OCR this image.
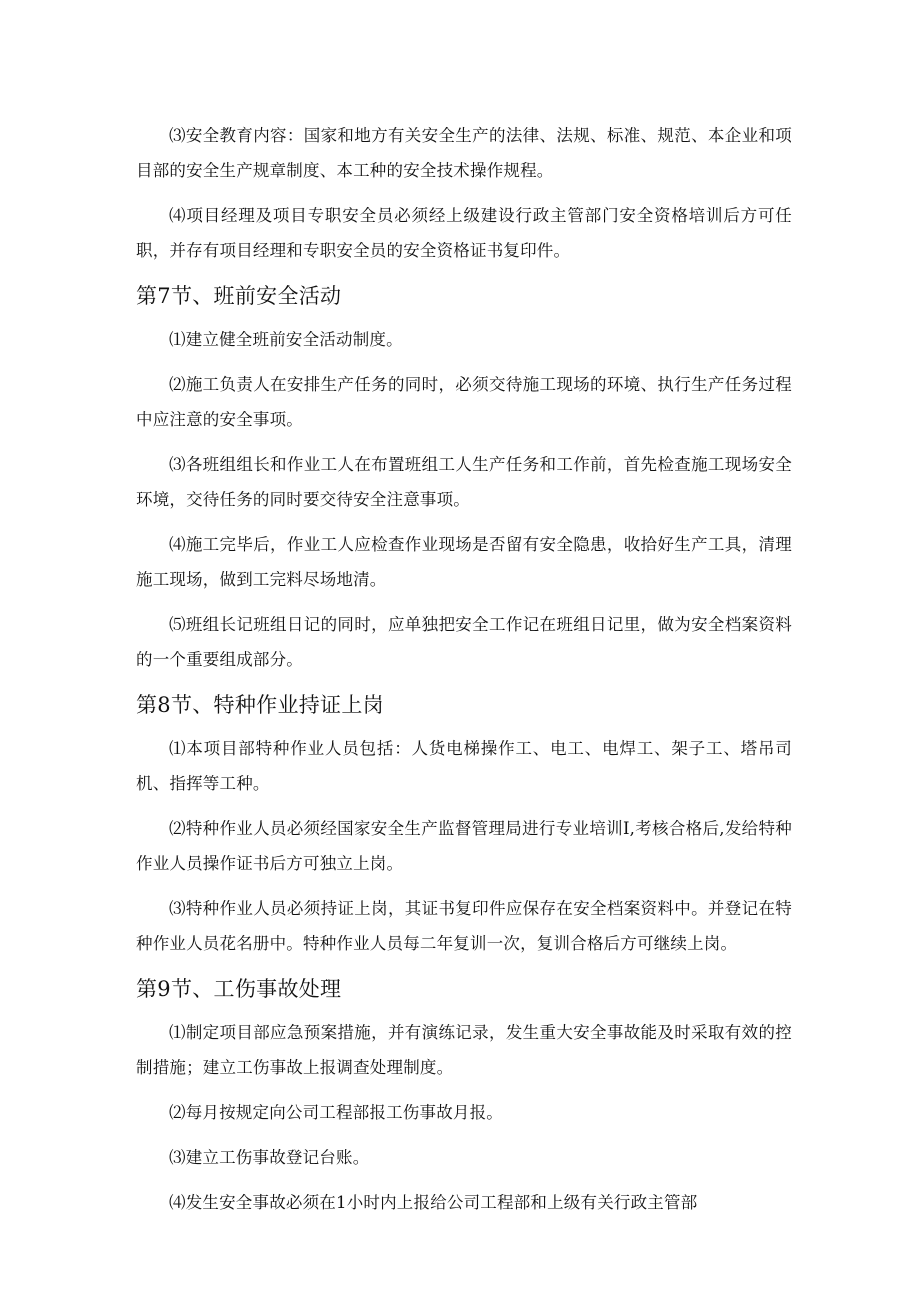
⑶安全教育内容：国家和地方有关安全生产的法律、法规、标准、规范、本企业和项目部的安全生产规章制度、本工种的安全技术操作规程。

⑷项目经理及项目专职安全员必须经上级建设行政主管部门安全资格培训后方可任职，并存有项目经理和专职安全员的安全资格证书复印件。

第7节、班前安全活动

⑴建立健全班前安全活动制度。

⑵施工负责人在安排生产任务的同时，必须交待施工现场的环境、执行生产任务过程中应注意的安全事项。

⑶各班组组长和作业工人在布置班组工人生产任务和工作前，首先检查施工现场安全环境，交待任务的同时要交待安全注意事项。

⑷施工完毕后，作业工人应检查作业现场是否留有安全隐患，收拾好生产工具，清理施工现场，做到工完料尽场地清。

⑸班组长记班组日记的同时，应单独把安全工作记在班组日记里，做为安全档案资料的一个重要组成部分。

第8节、特种作业持证上岗

⑴本项目部特种作业人员包括：人货电梯操作工、电工、电焊工、架子工、塔吊司机、指挥等工种。

⑵特种作业人员必须经国家安全生产监督管理局进行专业培训I,考核合格后,发给特种作业人员操作证书后方可独立上岗。

⑶特种作业人员必须持证上岗，其证书复印件应保存在安全档案资料中。并登记在特种作业人员花名册中。特种作业人员每二年复训一次，复训合格后方可继续上岗。

第9节、工伤事故处理

⑴制定项目部应急预案措施，并有演练记录，发生重大安全事故能及时采取有效的控制措施；建立工伤事故上报调查处理制度。

⑵每月按规定向公司工程部报工伤事故月报。

⑶建立工伤事故登记台账。

⑷发生安全事故必须在1小时内上报给公司工程部和上级有关行政主管部
